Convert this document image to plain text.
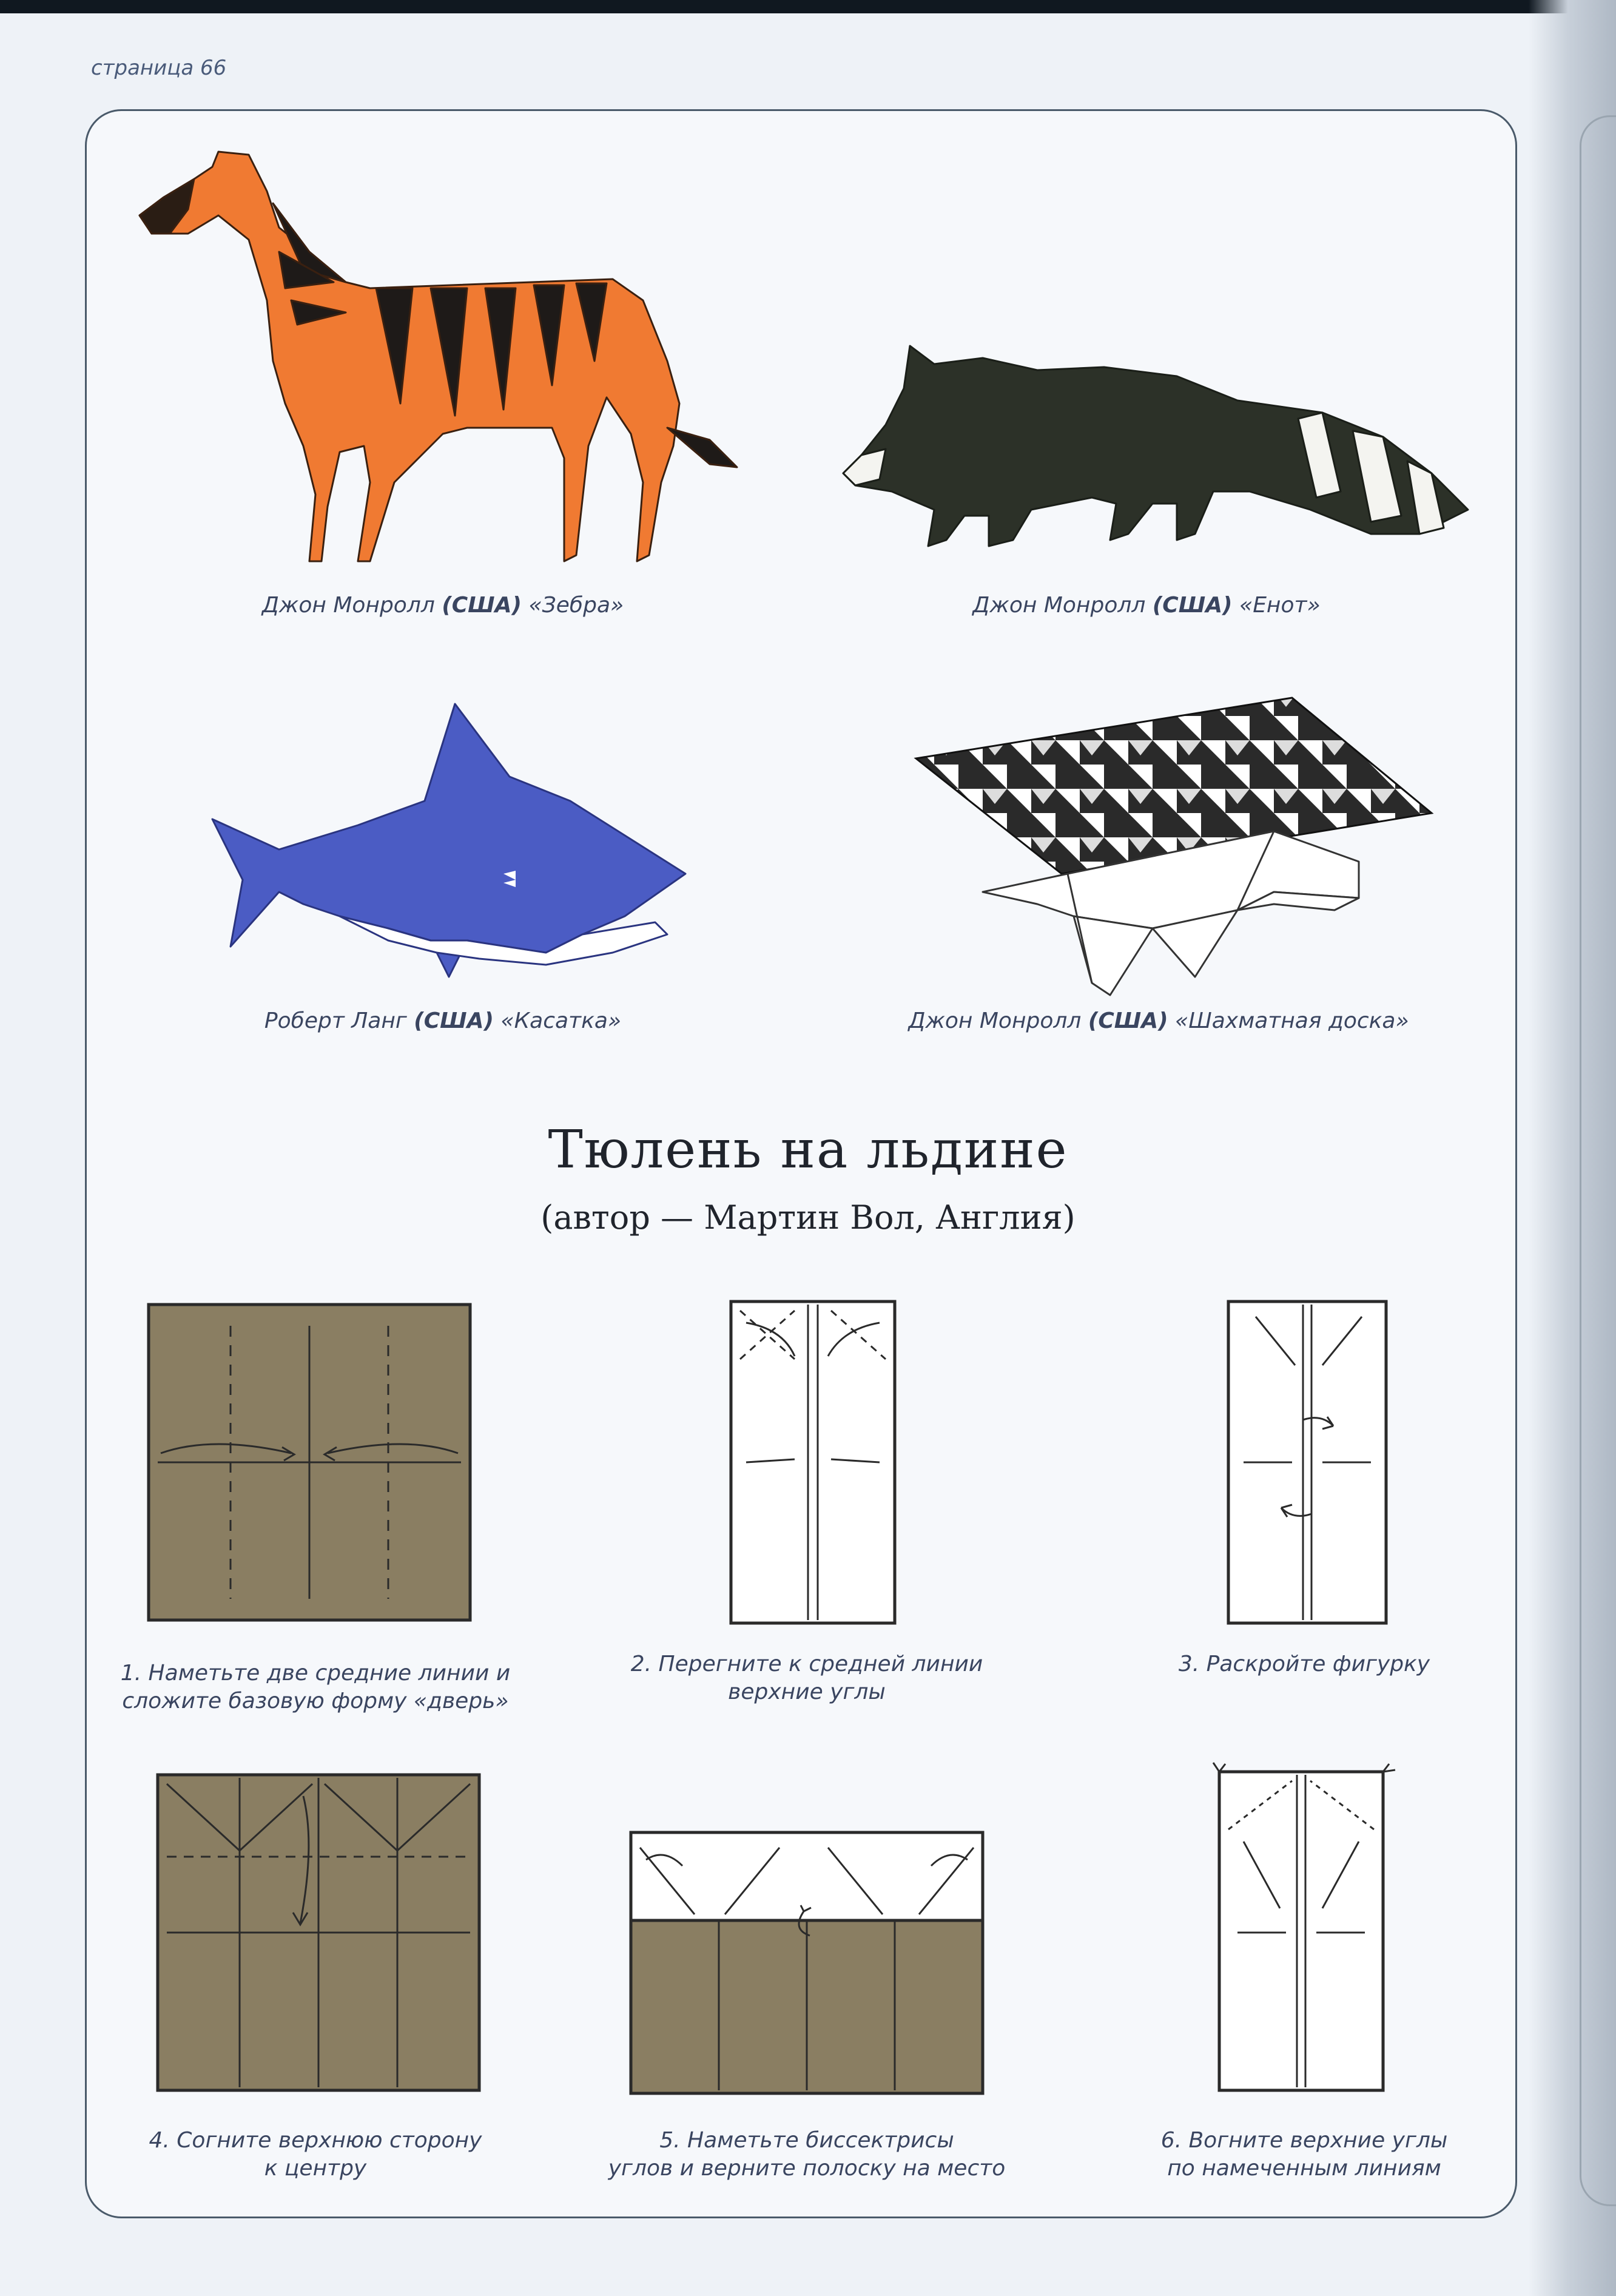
страница 66
Джон Монролл (США) «Зебра»	Джон Монролл (США) «Енот»
Роберт Ланг (США) «Касатка»	Джон Монролл (США) «Шахматная доска»
Тюлень на льдине
(автор — Мартин Вол, Англия)
1. Наметьте две средние линии и
сложите базовую форму «дверь»
2. Перегните к средней линии
верхние углы
3. Раскройте фигурку
4. Согните верхнюю сторону
к центру
5. Наметьте биссектрисы
углов и верните полоску на место
6. Вогните верхние углы
по намеченным линиям
